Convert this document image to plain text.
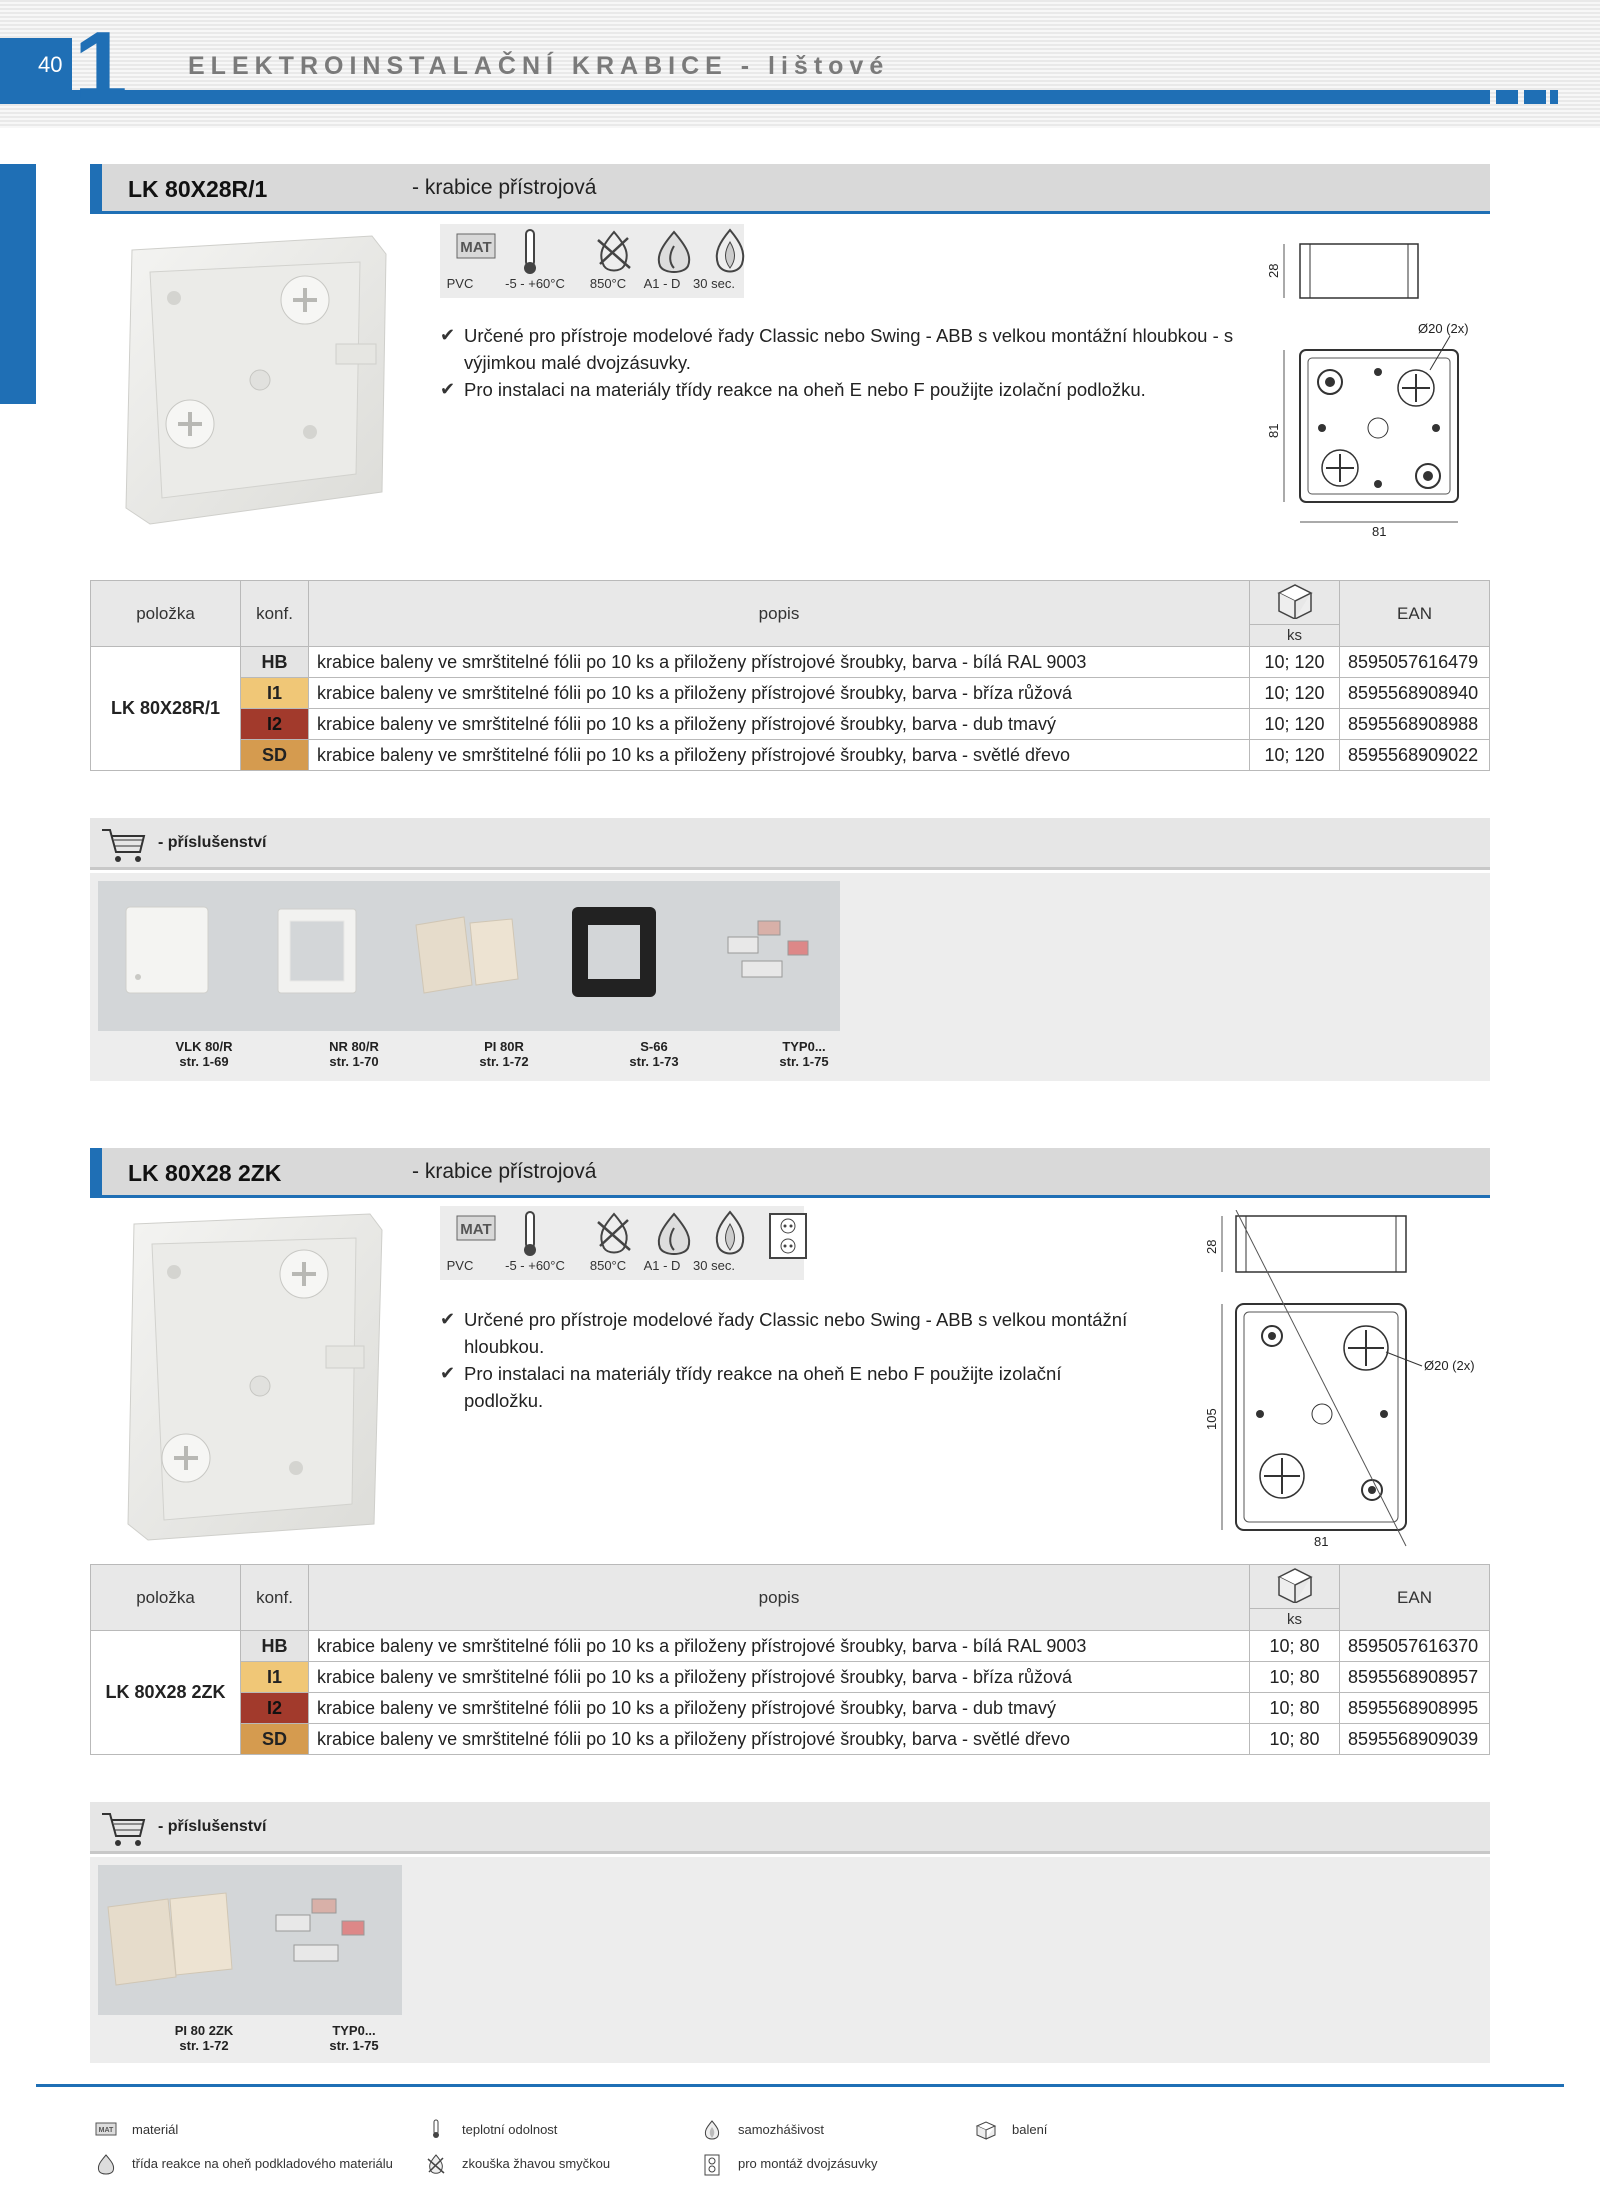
40 1 ELEKTROINSTALAČNÍ KRABICE - lištové
LK 80X28R/1	- krabice přístrojová
MAT
PVC	-5 - +60°C	850°C	A1 - D 30 sec.
✔ Určené pro přístroje modelové řady Classic nebo Swing - ABB s velkou montážní hloubkou - s výjimkou malé dvojzásuvky.
✔ Pro instalaci na materiály třídy reakce na oheň E nebo F použijte izolační podložku.
28
Ø20 (2x)
81
81
položka	konf.	popis		EAN
			ks	
LK 80X28R/1	HB	krabice baleny ve smrštitelné fólii po 10 ks a přiloženy přístrojové šroubky, barva - bílá RAL 9003	10; 120	8595057616479
	I1	krabice baleny ve smrštitelné fólii po 10 ks a přiloženy přístrojové šroubky, barva - bříza růžová	10; 120	8595568908940
	I2	krabice baleny ve smrštitelné fólii po 10 ks a přiloženy přístrojové šroubky, barva - dub tmavý	10; 120	8595568908988
	SD	krabice baleny ve smrštitelné fólii po 10 ks a přiloženy přístrojové šroubky, barva - světlé dřevo	10; 120	8595568909022
- příslušenství
VLK 80/R
str. 1-69
NR 80/R
str. 1-70
PI 80R
str. 1-72
S-66
str. 1-73
TYP0...
str. 1-75
LK 80X28 2ZK	- krabice přístrojová
MAT
PVC	-5 - +60°C	850°C	A1 - D 30 sec.
✔ Určené pro přístroje modelové řady Classic nebo Swing - ABB s velkou montážní hloubkou.
✔ Pro instalaci na materiály třídy reakce na oheň E nebo F použijte izolační podložku.
28
Ø20 (2x)
105
81
položka	konf.	popis		EAN
			ks	
LK 80X28 2ZK	HB	krabice baleny ve smrštitelné fólii po 10 ks a přiloženy přístrojové šroubky, barva - bílá RAL 9003	10; 80	8595057616370
	I1	krabice baleny ve smrštitelné fólii po 10 ks a přiloženy přístrojové šroubky, barva - bříza růžová	10; 80	8595568908957
	I2	krabice baleny ve smrštitelné fólii po 10 ks a přiloženy přístrojové šroubky, barva - dub tmavý	10; 80	8595568908995
	SD	krabice baleny ve smrštitelné fólii po 10 ks a přiloženy přístrojové šroubky, barva - světlé dřevo	10; 80	8595568909039
- příslušenství
PI 80 2ZK
str. 1-72
TYP0...
str. 1-75
MAT materiál	teplotní odolnost	samozhášivost	balení
třída reakce na oheň podkladového materiálu	zkouška žhavou smyčkou	pro montáž dvojzásuvky
